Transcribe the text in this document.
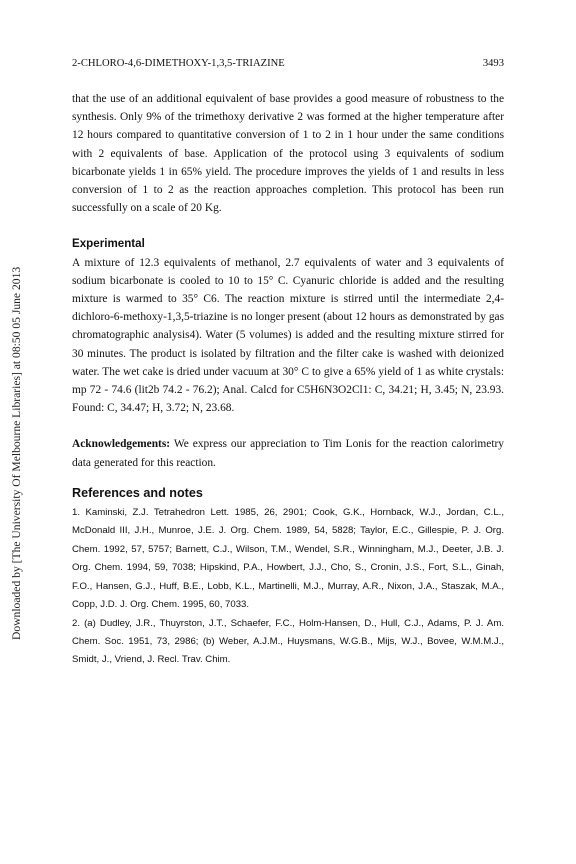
Downloaded by [The University Of Melbourne Libraries] at 08:50 05 June 2013
2-CHLORO-4,6-DIMETHOXY-1,3,5-TRIAZINE	3493

that the use of an additional equivalent of base provides a good measure of robustness to the synthesis. Only 9% of the trimethoxy derivative 2 was formed at the higher temperature after 12 hours compared to quantitative conversion of 1 to 2 in 1 hour under the same conditions with 2 equivalents of base. Application of the protocol using 3 equivalents of sodium bicarbonate yields 1 in 65% yield. The procedure improves the yields of 1 and results in less conversion of 1 to 2 as the reaction approaches completion. This protocol has been run successfully on a scale of 20 Kg.

Experimental

A mixture of 12.3 equivalents of methanol, 2.7 equivalents of water and 3 equivalents of sodium bicarbonate is cooled to 10 to 15° C. Cyanuric chloride is added and the resulting mixture is warmed to 35° C6. The reaction mixture is stirred until the intermediate 2,4-dichloro-6-methoxy-1,3,5-triazine is no longer present (about 12 hours as demonstrated by gas chromatographic analysis4). Water (5 volumes) is added and the resulting mixture stirred for 30 minutes. The product is isolated by filtration and the filter cake is washed with deionized water. The wet cake is dried under vacuum at 30° C to give a 65% yield of 1 as white crystals: mp 72 - 74.6 (lit2b 74.2 - 76.2); Anal. Calcd for C5H6N3O2Cl1: C, 34.21; H, 3.45; N, 23.93. Found: C, 34.47; H, 3.72; N, 23.68.

Acknowledgements: We express our appreciation to Tim Lonis for the reaction calorimetry data generated for this reaction.

References and notes

1. Kaminski, Z.J. Tetrahedron Lett. 1985, 26, 2901; Cook, G.K., Hornback, W.J., Jordan, C.L., McDonald III, J.H., Munroe, J.E. J. Org. Chem. 1989, 54, 5828; Taylor, E.C., Gillespie, P. J. Org. Chem. 1992, 57, 5757; Barnett, C.J., Wilson, T.M., Wendel, S.R., Winningham, M.J., Deeter, J.B. J. Org. Chem. 1994, 59, 7038; Hipskind, P.A., Howbert, J.J., Cho, S., Cronin, J.S., Fort, S.L., Ginah, F.O., Hansen, G.J., Huff, B.E., Lobb, K.L., Martinelli, M.J., Murray, A.R., Nixon, J.A., Staszak, M.A., Copp, J.D. J. Org. Chem. 1995, 60, 7033.

2. (a) Dudley, J.R., Thuyrston, J.T., Schaefer, F.C., Holm-Hansen, D., Hull, C.J., Adams, P. J. Am. Chem. Soc. 1951, 73, 2986; (b) Weber, A.J.M., Huysmans, W.G.B., Mijs, W.J., Bovee, W.M.M.J., Smidt, J., Vriend, J. Recl. Trav. Chim.
